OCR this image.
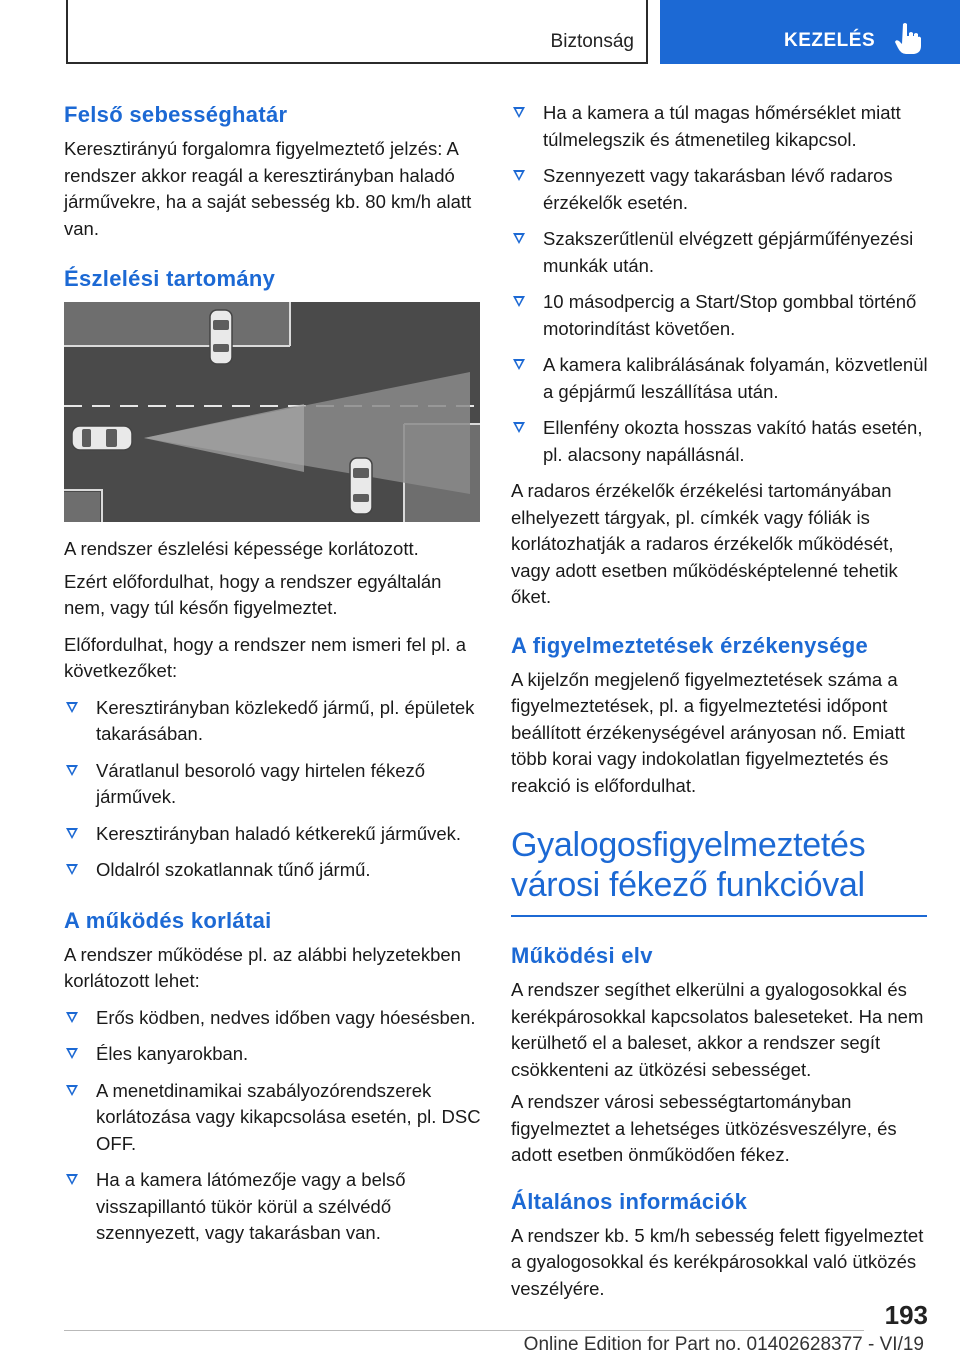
Biztonság	KEZELÉS
Felső sebességhatár

Keresztirányú forgalomra figyelmeztető jelzés: A rendszer akkor reagál a keresztirányban haladó járművekre, ha a saját sebesség kb. 80 km/h alatt van.

Észlelési tartomány

A rendszer észlelési képessége korlátozott.

Ezért előfordulhat, hogy a rendszer egyáltalán nem, vagy túl későn figyelmeztet.

Előfordulhat, hogy a rendszer nem ismeri fel pl. a következőket:

Keresztirányban közlekedő jármű, pl. épületek takarásában.
Váratlanul besoroló vagy hirtelen fékező járművek.
Keresztirányban haladó kétkerekű járművek.
Oldalról szokatlannak tűnő jármű.
A működés korlátai

A rendszer működése pl. az alábbi helyzetekben korlátozott lehet:

Erős ködben, nedves időben vagy hóesésben.
Éles kanyarokban.
A menetdinamikai szabályozórendszerek korlátozása vagy kikapcsolása esetén, pl. DSC OFF.
Ha a kamera látómezője vagy a belső visszapillantó tükör körül a szélvédő szennyezett, vagy takarásban van.
Ha a kamera a túl magas hőmérséklet miatt túlmelegszik és átmenetileg kikapcsol.
Szennyezett vagy takarásban lévő radaros érzékelők esetén.
Szakszerűtlenül elvégzett gépjárműfényezési munkák után.
10 másodpercig a Start/Stop gombbal történő motorindítást követően.
A kamera kalibrálásának folyamán, közvetlenül a gépjármű leszállítása után.
Ellenfény okozta hosszas vakító hatás esetén, pl. alacsony napállásnál.

A radaros érzékelők érzékelési tartományában elhelyezett tárgyak, pl. címkék vagy fóliák is korlátozhatják a radaros érzékelők működését, vagy adott esetben működésképtelenné tehetik őket.

A figyelmeztetések érzékenysége

A kijelzőn megjelenő figyelmeztetések száma a figyelmeztetések, pl. a figyelmeztetési időpont beállított érzékenységével arányosan nő. Emiatt több korai vagy indokolatlan figyelmeztetés és reakció is előfordulhat.

Gyalogosfigyelmeztetés városi fékező funkcióval
Működési elv

A rendszer segíthet elkerülni a gyalogosokkal és kerékpárosokkal kapcsolatos baleseteket. Ha nem kerülhető el a baleset, akkor a rendszer segít csökkenteni az ütközési sebességet.

A rendszer városi sebességtartományban figyelmeztet a lehetséges ütközésveszélyre, és adott esetben önműködően fékez.

Általános információk

A rendszer kb. 5 km/h sebesség felett figyelmeztet a gyalogosokkal és kerékpárosokkal való ütközés veszélyére.

193
Online Edition for Part no. 01402628377 - VI/19
